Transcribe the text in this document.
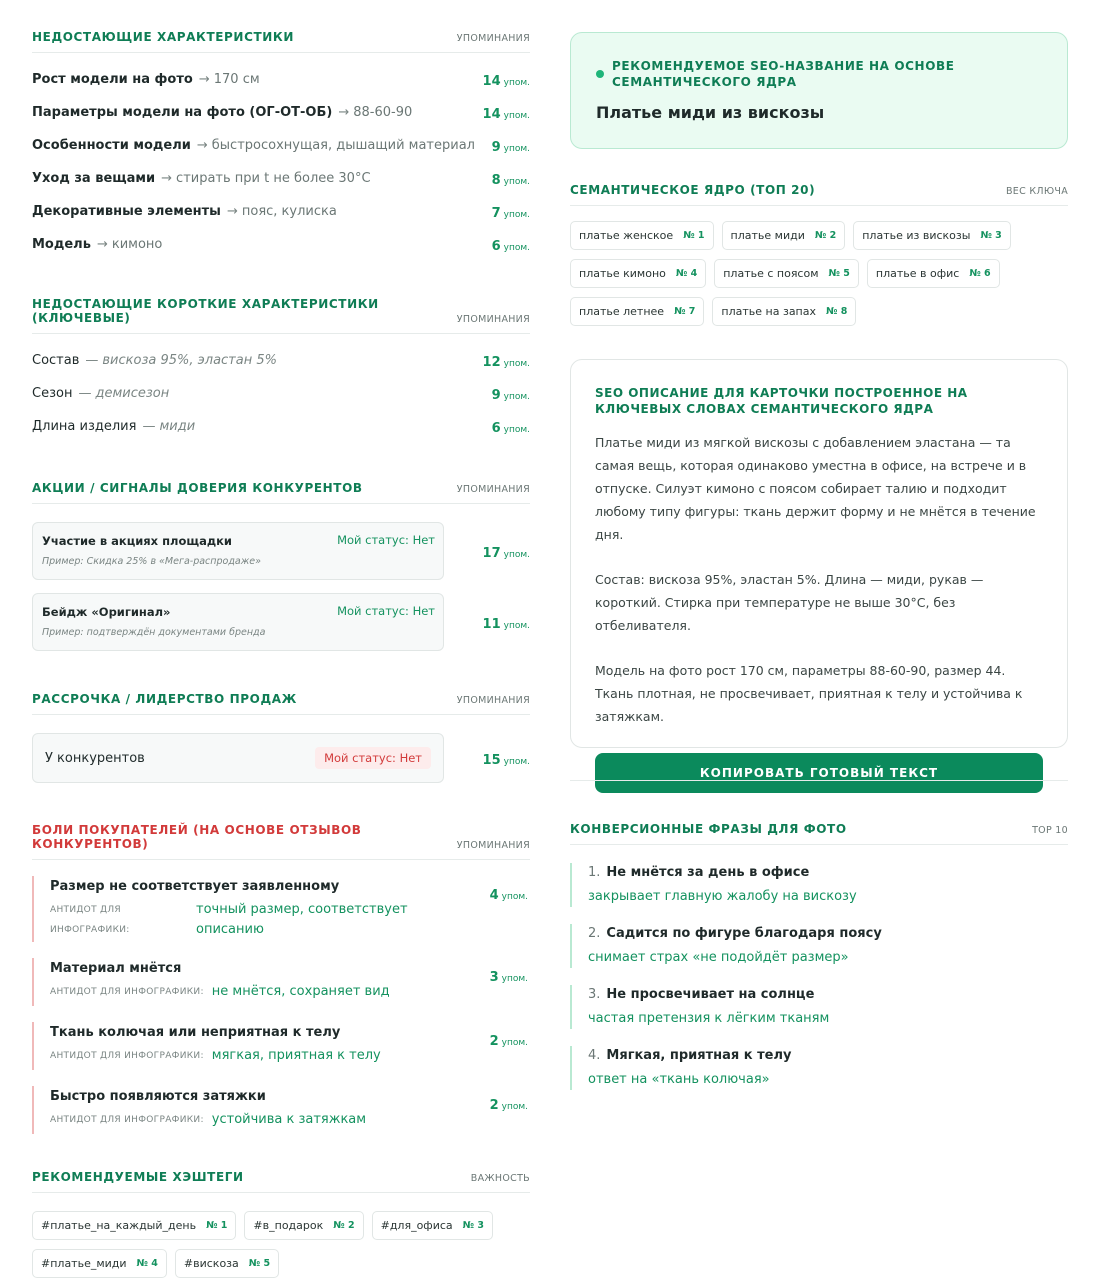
НЕДОСТАЮЩИЕ ХАРАКТЕРИСТИКИ	УПОМИНАНИЯ
Рост модели на фото → 170 см	14 упом.
Параметры модели на фото (ОГ-ОТ-ОБ) → 88-60-90	14 упом.
Особенности модели → быстросохнущая, дышащий материал 9 упом.
Уход за вещами → стирать при t не более 30°C	8 упом.
Декоративные элементы → пояс, кулиска	7 упом.
Модель → кимоно	6 упом.
НЕДОСТАЮЩИЕ КОРОТКИЕ ХАРАКТЕРИСТИКИ (КЛЮЧЕВЫЕ)	УПОМИНАНИЯ
Состав — вискоза 95%, эластан 5%	12 упом.
Сезон — демисезон	9 упом.
Длина изделия — миди	6 упом.
АКЦИИ / СИГНАЛЫ ДОВЕРИЯ КОНКУРЕНТОВ	УПОМИНАНИЯ
Участие в акциях площадки
Пример: Скидка 25% в «Мега-распродаже»
Мой статус: Нет
17 упом.
Бейдж «Оригинал»
Пример: подтверждён документами бренда
Мой статус: Нет
11 упом.
РАССРОЧКА / ЛИДЕРСТВО ПРОДАЖ	УПОМИНАНИЯ
У конкурентов	Мой статус: Нет	15 упом.
БОЛИ ПОКУПАТЕЛЕЙ (НА ОСНОВЕ ОТЗЫВОВ КОНКУРЕНТОВ)	УПОМИНАНИЯ
Размер не соответствует заявленному
АНТИДОТ ДЛЯ
ИНФОГРАФИКИ:
точный размер, соответствует описанию
4 упом.
Материал мнётся
АНТИДОТ ДЛЯ ИНФОГРАФИКИ: не мнётся, сохраняет вид
3 упом.
Ткань колючая или неприятная к телу
АНТИДОТ ДЛЯ ИНФОГРАФИКИ: мягкая, приятная к телу
2 упом.
Быстро появляются затяжки
АНТИДОТ ДЛЯ ИНФОГРАФИКИ: устойчива к затяжкам
2 упом.
РЕКОМЕНДУЕМЫЕ ХЭШТЕГИ	ВАЖНОСТЬ
#платье_на_каждый_день № 1 #в_подарок № 2 #для_офиса № 3
#платье_миди № 4 #вискоза № 5
РЕКОМЕНДУЕМОЕ SEO-НАЗВАНИЕ НА ОСНОВЕ СЕМАНТИЧЕСКОГО ЯДРА
Платье миди из вискозы
СЕМАНТИЧЕСКОЕ ЯДРО (ТОП 20)	ВЕС КЛЮЧА
платье женское № 1 платье миди № 2 платье из вискозы № 3
платье кимоно № 4 платье с поясом № 5 платье в офис № 6
платье летнее № 7 платье на запах № 8
SEO ОПИСАНИЕ ДЛЯ КАРТОЧКИ ПОСТРОЕННОЕ НА КЛЮЧЕВЫХ СЛОВАХ СЕМАНТИЧЕСКОГО ЯДРА

Платье миди из мягкой вискозы с добавлением эластана — та самая вещь, которая одинаково уместна в офисе, на встрече и в отпуске. Силуэт кимоно с поясом собирает талию и подходит любому типу фигуры: ткань держит форму и не мнётся в течение дня.

Состав: вискоза 95%, эластан 5%. Длина — миди, рукав — короткий. Стирка при температуре не выше 30°C, без отбеливателя.

Модель на фото рост 170 см, параметры 88-60-90, размер 44. Ткань плотная, не просвечивает, приятная к телу и устойчива к затяжкам.

КОПИРОВАТЬ ГОТОВЫЙ ТЕКСТ
КОНВЕРСИОННЫЕ ФРАЗЫ ДЛЯ ФОТО	TOP 10
1. Не мнётся за день в офисе
закрывает главную жалобу на вискозу
2. Садится по фигуре благодаря поясу
снимает страх «не подойдёт размер»
3. Не просвечивает на солнце
частая претензия к лёгким тканям
4. Мягкая, приятная к телу
ответ на «ткань колючая»
